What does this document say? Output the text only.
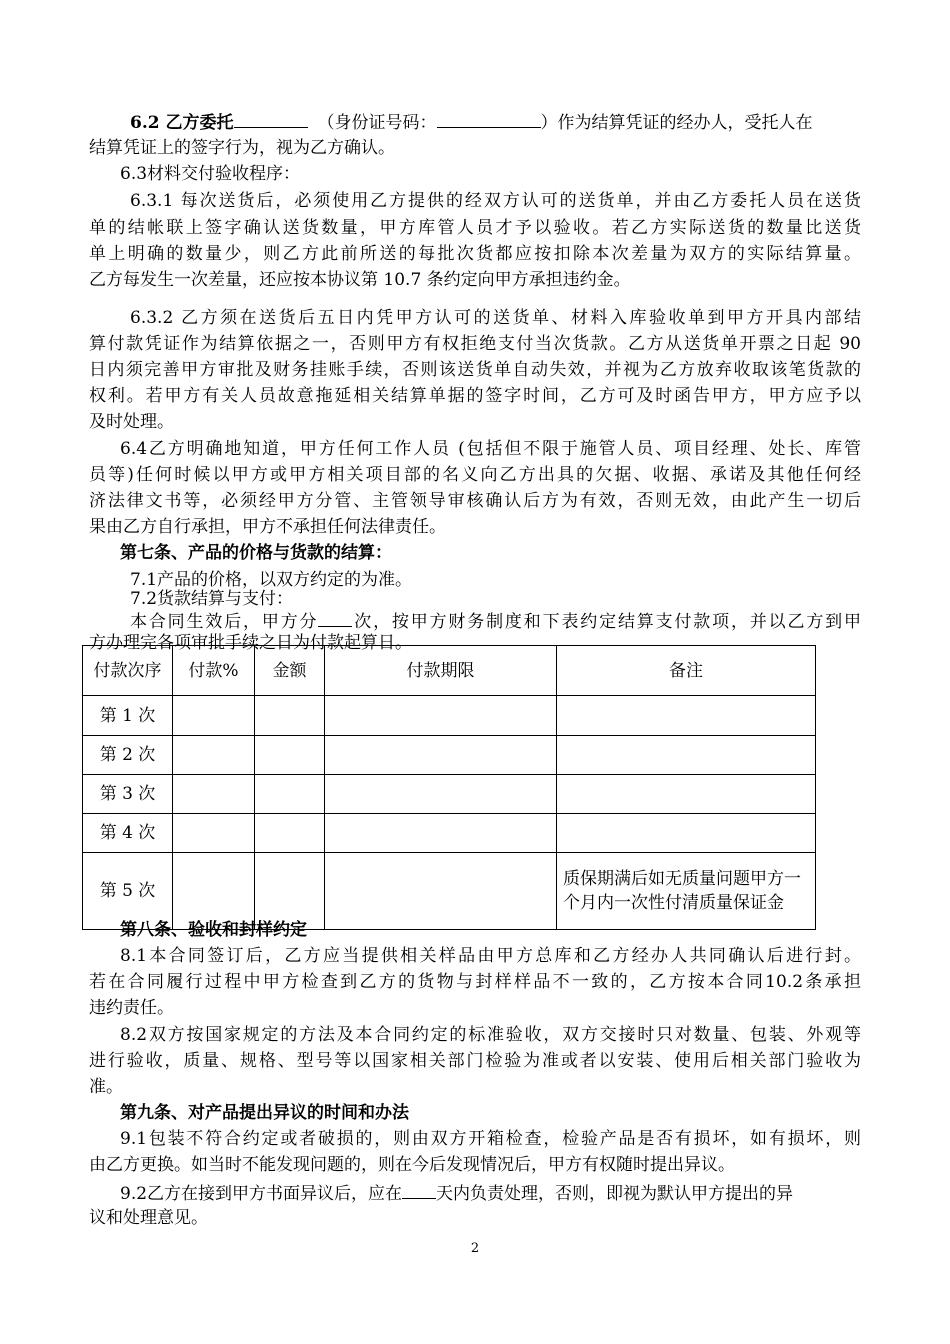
6.2 乙方委托	（身份证号码：	）作为结算凭证的经办人，受托人在
结算凭证上的签字行为，视为乙方确认。
6.3材料交付验收程序：
6.3.1 每次送货后，必须使用乙方提供的经双方认可的送货单，并由乙方委托人员在送货
单的结帐联上签字确认送货数量，甲方库管人员才予以验收。若乙方实际送货的数量比送货
单上明确的数量少，则乙方此前所送的每批次货都应按扣除本次差量为双方的实际结算量。
乙方每发生一次差量，还应按本协议第 10.7 条约定向甲方承担违约金。
6.3.2 乙方须在送货后五日内凭甲方认可的送货单、材料入库验收单到甲方开具内部结
算付款凭证作为结算依据之一，否则甲方有权拒绝支付当次货款。乙方从送货单开票之日起 90
日内须完善甲方审批及财务挂账手续，否则该送货单自动失效，并视为乙方放弃收取该笔货款的
权利。若甲方有关人员故意拖延相关结算单据的签字时间，乙方可及时函告甲方，甲方应予以
及时处理。
6.4乙方明确地知道，甲方任何工作人员 (包括但不限于施管人员、项目经理、处长、库管
员等)任何时候以甲方或甲方相关项目部的名义向乙方出具的欠据、收据、承诺及其他任何经
济法律文书等，必须经甲方分管、主管领导审核确认后方为有效，否则无效，由此产生一切后
果由乙方自行承担，甲方不承担任何法律责任。
第七条、产品的价格与货款的结算：
7.1产品的价格，以双方约定的为准。
7.2货款结算与支付：
付款次序	付款%	金额	付款期限	备注
第 1 次				
第 2 次				
第 3 次				
第 4 次				
第 5 次				质保期满后如无质量问题甲方一个月内一次性付清质量保证金
第八条、验收和封样约定
8.1本合同签订后，乙方应当提供相关样品由甲方总库和乙方经办人共同确认后进行封。
若在合同履行过程中甲方检查到乙方的货物与封样样品不一致的，乙方按本合同10.2条承担
违约责任。
8.2双方按国家规定的方法及本合同约定的标准验收，双方交接时只对数量、包装、外观等
进行验收，质量、规格、型号等以国家相关部门检验为准或者以安装、使用后相关部门验收为
准。
第九条、对产品提出异议的时间和办法
9.1包装不符合约定或者破损的，则由双方开箱检查，检验产品是否有损坏，如有损坏，则
由乙方更换。如当时不能发现问题的，则在今后发现情况后，甲方有权随时提出异议。
9.2乙方在接到甲方书面异议后，应在 天内负责处理，否则，即视为默认甲方提出的异
议和处理意见。
2
本合同生效后，甲方分 次，按甲方财务制度和下表约定结算支付款项，并以乙方到甲
方办理完各项审批手续之日为付款起算日。
